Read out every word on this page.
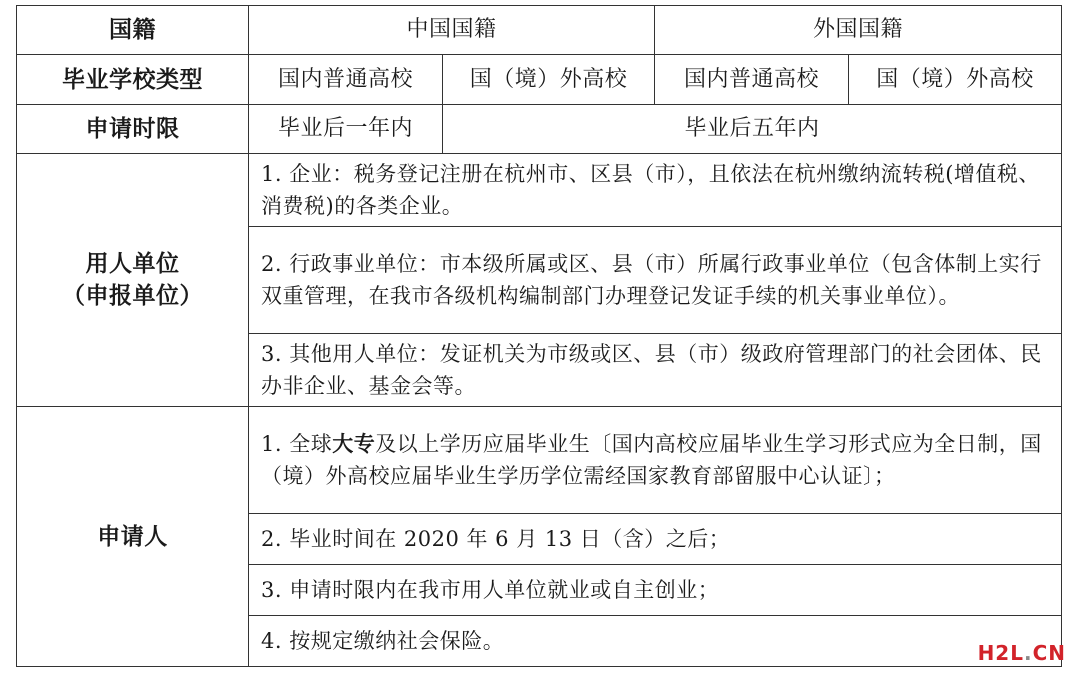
国籍	中国国籍		外国国籍	
毕业学校类型	国内普通高校	国（境）外高校	国内普通高校	国（境）外高校
申请时限	毕业后一年内	毕业后五年内		

用人单位
（申报单位）	1. 企业：税务登记注册在杭州市、区县（市），且依法在杭州缴纳流转税(增值税、消费税)的各类企业。			
	2. 行政事业单位：市本级所属或区、县（市）所属行政事业单位（包含体制上实行双重管理，在我市各级机构编制部门办理登记发证手续的机关事业单位）。			
	3. 其他用人单位：发证机关为市级或区、县（市）级政府管理部门的社会团体、民办非企业、基金会等。			
申请人	1. 全球大专及以上学历应届毕业生〔国内高校应届毕业生学习形式应为全日制，国（境）外高校应届毕业生学历学位需经国家教育部留服中心认证〕；			
	2. 毕业时间在 2020 年 6 月 13 日（含）之后；			
	3. 申请时限内在我市用人单位就业或自主创业；			
	4. 按规定缴纳社会保险。				H2L.CN
